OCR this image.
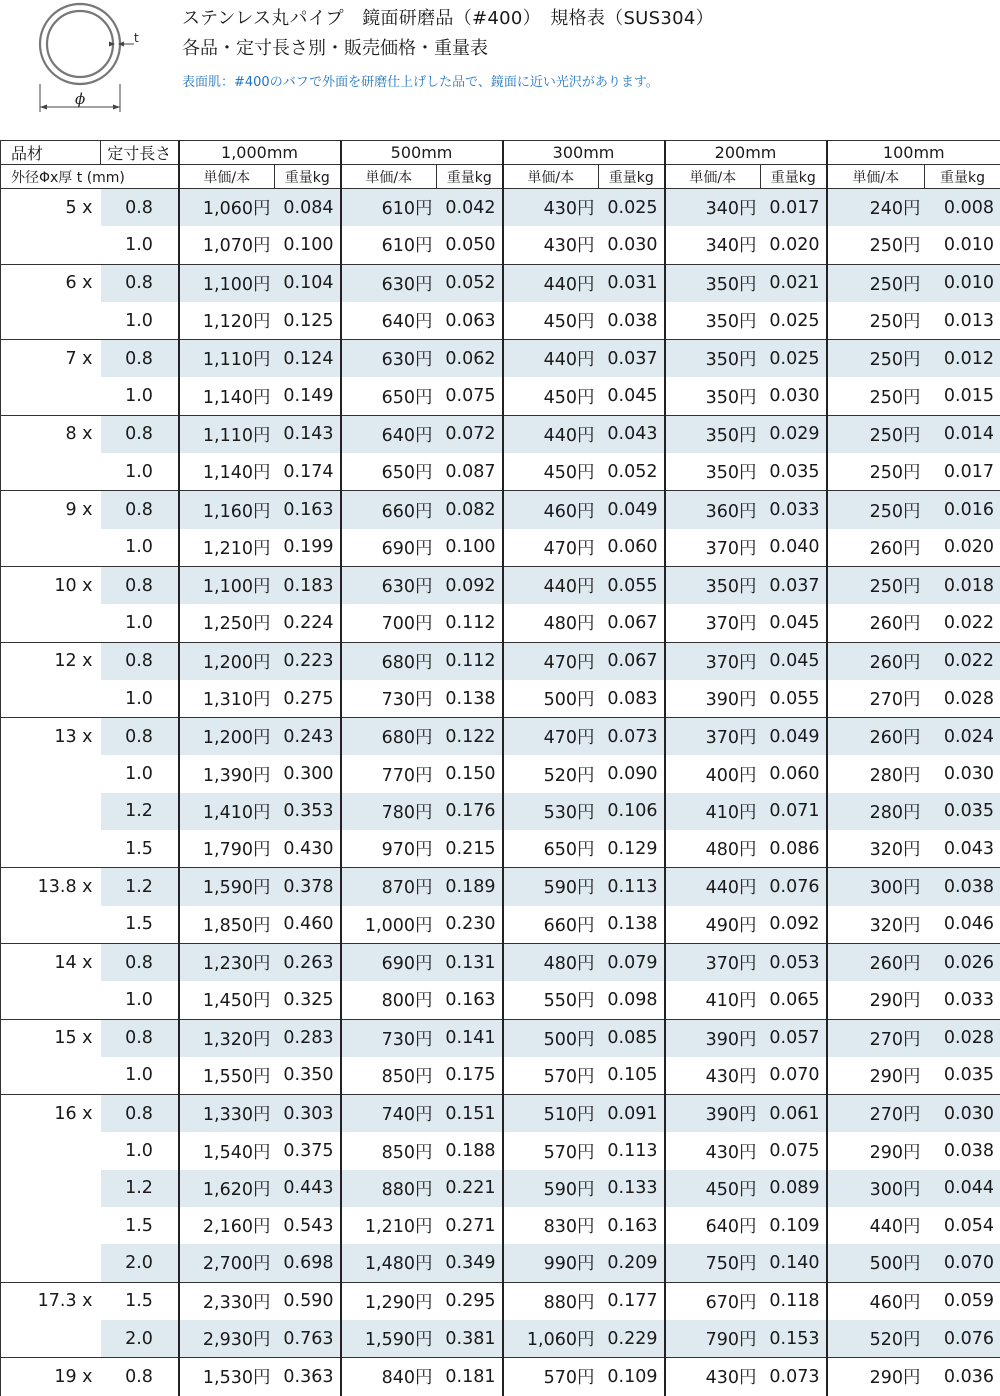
t
ϕ
ステンレス丸パイプ　鏡面研磨品（#400）　規格表（SUS304）
各品・定寸長さ別・販売価格・重量表
表面肌：#400のバフで外面を研磨仕上げした品で、鏡面に近い光沢があります。
品材	定寸長さ	1,000mm		500mm		300mm		200mm		100mm	
外径Φx厚 t (mm)		単価/本	重量kg	単価/本	重量kg	単価/本	重量kg	単価/本	重量kg	単価/本	重量kg
5 x	0.8	1,060円	0.084	610円	0.042	430円	0.025	340円	0.017	240円	0.008
	1.0	1,070円	0.100	610円	0.050	430円	0.030	340円	0.020	250円	0.010
6 x	0.8	1,100円	0.104	630円	0.052	440円	0.031	350円	0.021	250円	0.010
	1.0	1,120円	0.125	640円	0.063	450円	0.038	350円	0.025	250円	0.013
7 x	0.8	1,110円	0.124	630円	0.062	440円	0.037	350円	0.025	250円	0.012
	1.0	1,140円	0.149	650円	0.075	450円	0.045	350円	0.030	250円	0.015
8 x	0.8	1,110円	0.143	640円	0.072	440円	0.043	350円	0.029	250円	0.014
	1.0	1,140円	0.174	650円	0.087	450円	0.052	350円	0.035	250円	0.017
9 x	0.8	1,160円	0.163	660円	0.082	460円	0.049	360円	0.033	250円	0.016
	1.0	1,210円	0.199	690円	0.100	470円	0.060	370円	0.040	260円	0.020
10 x	0.8	1,100円	0.183	630円	0.092	440円	0.055	350円	0.037	250円	0.018
	1.0	1,250円	0.224	700円	0.112	480円	0.067	370円	0.045	260円	0.022
12 x	0.8	1,200円	0.223	680円	0.112	470円	0.067	370円	0.045	260円	0.022
	1.0	1,310円	0.275	730円	0.138	500円	0.083	390円	0.055	270円	0.028
13 x	0.8	1,200円	0.243	680円	0.122	470円	0.073	370円	0.049	260円	0.024
	1.0	1,390円	0.300	770円	0.150	520円	0.090	400円	0.060	280円	0.030
	1.2	1,410円	0.353	780円	0.176	530円	0.106	410円	0.071	280円	0.035
	1.5	1,790円	0.430	970円	0.215	650円	0.129	480円	0.086	320円	0.043
13.8 x	1.2	1,590円	0.378	870円	0.189	590円	0.113	440円	0.076	300円	0.038
	1.5	1,850円	0.460	1,000円	0.230	660円	0.138	490円	0.092	320円	0.046
14 x	0.8	1,230円	0.263	690円	0.131	480円	0.079	370円	0.053	260円	0.026
	1.0	1,450円	0.325	800円	0.163	550円	0.098	410円	0.065	290円	0.033
15 x	0.8	1,320円	0.283	730円	0.141	500円	0.085	390円	0.057	270円	0.028
	1.0	1,550円	0.350	850円	0.175	570円	0.105	430円	0.070	290円	0.035
16 x	0.8	1,330円	0.303	740円	0.151	510円	0.091	390円	0.061	270円	0.030
	1.0	1,540円	0.375	850円	0.188	570円	0.113	430円	0.075	290円	0.038
	1.2	1,620円	0.443	880円	0.221	590円	0.133	450円	0.089	300円	0.044
	1.5	2,160円	0.543	1,210円	0.271	830円	0.163	640円	0.109	440円	0.054
	2.0	2,700円	0.698	1,480円	0.349	990円	0.209	750円	0.140	500円	0.070
17.3 x	1.5	2,330円	0.590	1,290円	0.295	880円	0.177	670円	0.118	460円	0.059
	2.0	2,930円	0.763	1,590円	0.381	1,060円	0.229	790円	0.153	520円	0.076
19 x	0.8	1,530円	0.363	840円	0.181	570円	0.109	430円	0.073	290円	0.036
